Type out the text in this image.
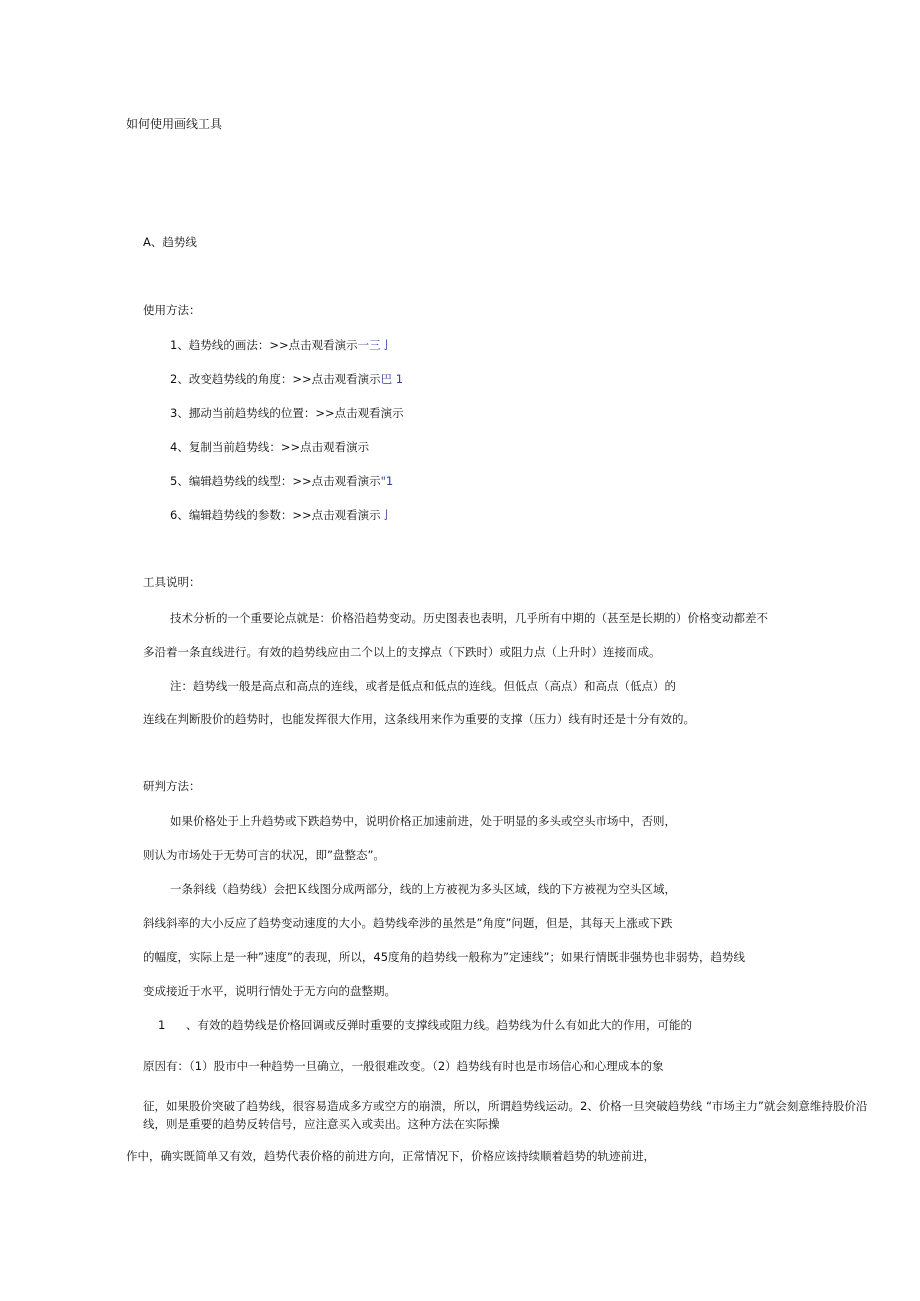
如何使用画线工具
A、趋势线
使用方法：
1、趋势线的画法：>>点击观看演示一三亅
2、改变趋势线的角度：>>点击观看演示巴 1
3、挪动当前趋势线的位置：>>点击观看演示
4、复制当前趋势线：>>点击观看演示
5、编辑趋势线的线型：>>点击观看演示"1
6、编辑趋势线的参数：>>点击观看演示亅
工具说明：
技术分析的一个重要论点就是：价格沿趋势变动。历史图表也表明，几乎所有中期的（甚至是长期的）价格变动都差不
多沿着一条直线进行。有效的趋势线应由二个以上的支撑点（下跌时）或阻力点（上升时）连接而成。
注：趋势线一般是高点和高点的连线，或者是低点和低点的连线。但低点（高点）和高点（低点）的
连线在判断股价的趋势时，也能发挥很大作用，这条线用来作为重要的支撑（压力）线有时还是十分有效的。
研判方法：
如果价格处于上升趋势或下跌趋势中，说明价格正加速前进，处于明显的多头或空头市场中，否则，
则认为市场处于无势可言的状况，即”盘整态”。
一条斜线（趋势线）会把Ｋ线图分成两部分，线的上方被视为多头区域，线的下方被视为空头区域，
斜线斜率的大小反应了趋势变动速度的大小。趋势线牵涉的虽然是”角度”问题，但是，其每天上涨或下跌
的幅度，实际上是一种”速度”的表现，所以，45度角的趋势线一般称为”定速线”；如果行情既非强势也非弱势，趋势线
变成接近于水平，说明行情处于无方向的盘整期。
1 、有效的趋势线是价格回调或反弹时重要的支撑线或阻力线。趋势线为什么有如此大的作用，可能的
原因有：（1）股市中一种趋势一旦确立，一般很难改变。（2）趋势线有时也是市场信心和心理成本的象
征，如果股价突破了趋势线，很容易造成多方或空方的崩溃，所以，所谓趋势线运动。2、价格一旦突破趋势线 “市场主力”就会刻意维持股价沿线，则是重要的趋势反转信号，应注意买入或卖出。这种方法在实际操
作中，确实既简单又有效，趋势代表价格的前进方向，正常情况下，价格应该持续顺着趋势的轨迹前进，
